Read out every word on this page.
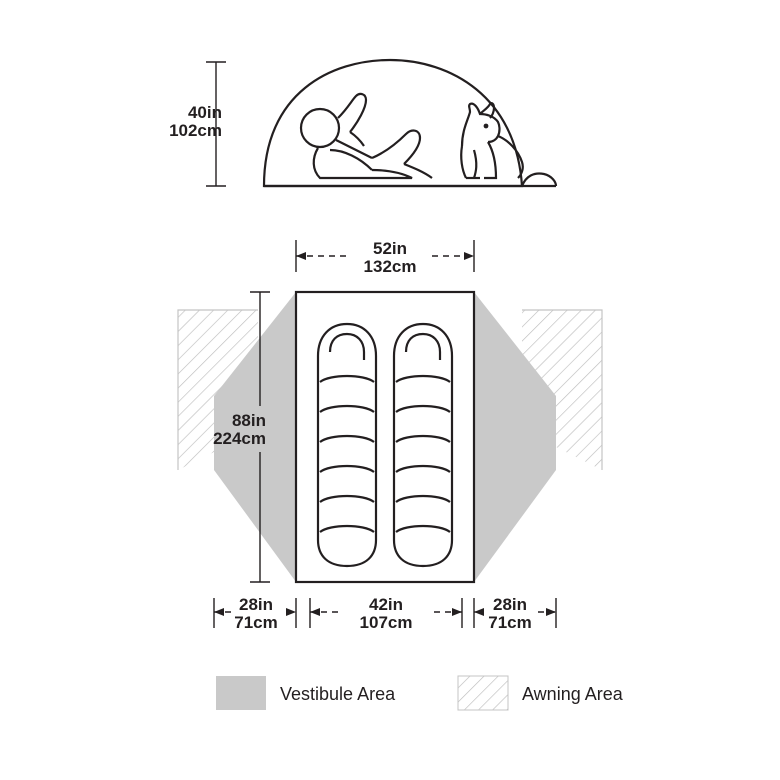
40in
102cm
52in
132cm
88in
224cm
28in
71cm
42in
107cm
28in
71cm
Vestibule Area	Awning Area
